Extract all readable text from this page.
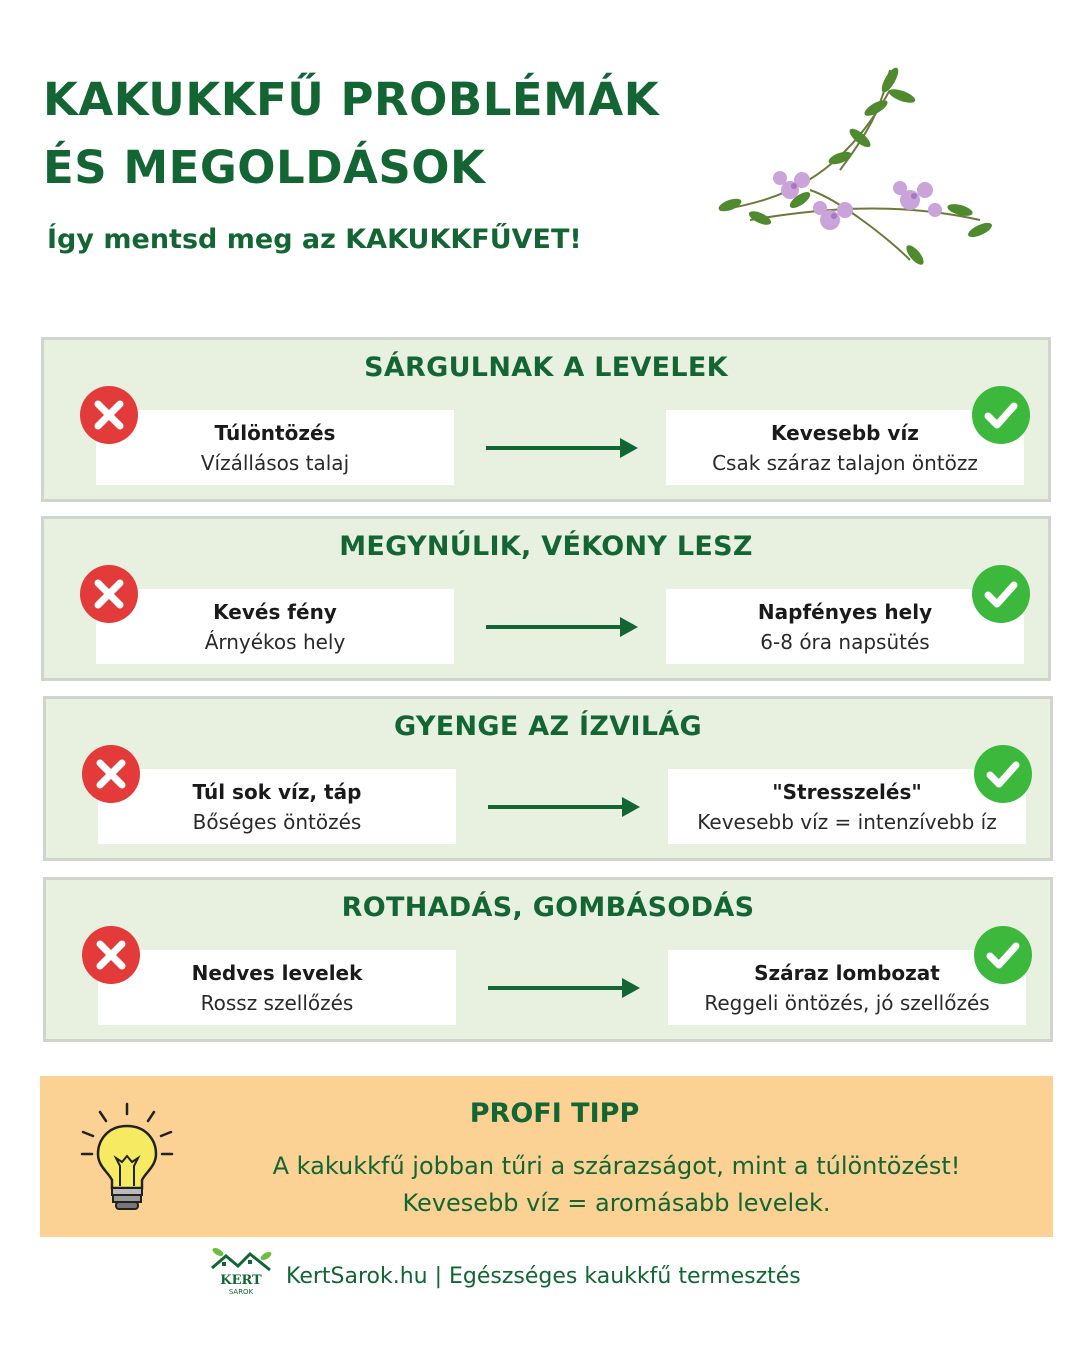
KAKUKKFŰ PROBLÉMÁK ÉS MEGOLDÁSOK
Így mentsd meg az KAKUKKFŰVET!
SÁRGULNAK A LEVELEK
Túlöntözés
Vízállásos talaj
Kevesebb víz
Csak száraz talajon öntözz
MEGYNÚLIK, VÉKONY LESZ
Kevés fény
Árnyékos hely
Napfényes hely
6-8 óra napsütés
GYENGE AZ ÍZVILÁG
Túl sok víz, táp
Bőséges öntözés
"Stresszelés"
Kevesebb víz = intenzívebb íz
ROTHADÁS, GOMBÁSODÁS
Nedves levelek
Rossz szellőzés
Száraz lombozat
Reggeli öntözés, jó szellőzés
PROFI TIPP
A kakukkfű jobban tűri a szárazságot, mint a túlöntözést!
Kevesebb víz = aromásabb levelek.
KERT
SAROK
KertSarok.hu | Egészséges kaukkfű termesztés
